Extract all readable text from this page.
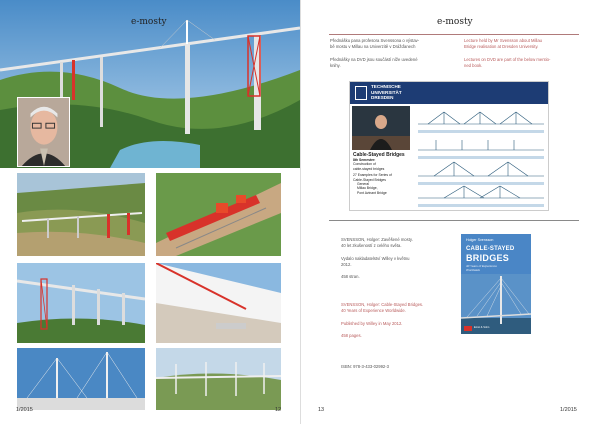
e-mosty
1/2015	12
e-mosty
Přednášku pana profesora Svenssona o výstav-
bě mostu v Millau na Univerzitě v Drážďanech

Přednášky na DVD jsou součástí níže uvedené
knihy.
Lecture held by Mr Svensson about Millau
Bridge realisation at Dresden University.

Lectures on DVD are part of the below mentio-
ned book.
TECHNISCHE
UNIVERSITÄT
DRESDEN
Cable-Stayed Bridges
8th Semester:
Construction of
cable-stayed bridges
27 Examples for Series of
Cable-Stayed Bridges
General
Millau Bridge,
Pont Avinant Bridge
SVENSSON, Holger: Zavěšené mosty.
40 let zkušeností z celého světa.

Vydalo nakladatelství Willey v květnu
2012.

458 stran.
SVENSSON, Holger: Cable-Stayed Bridges.
40 Years of Experience Worldwide.

Published by Willey in May 2012.

458 pages.
ISBN: 978-3-433-02992-3
Holger Svensson
CABLE-STAYED
BRIDGES
40 Years of Experience
Worldwide
Ernst & Sohn
13	1/2015
